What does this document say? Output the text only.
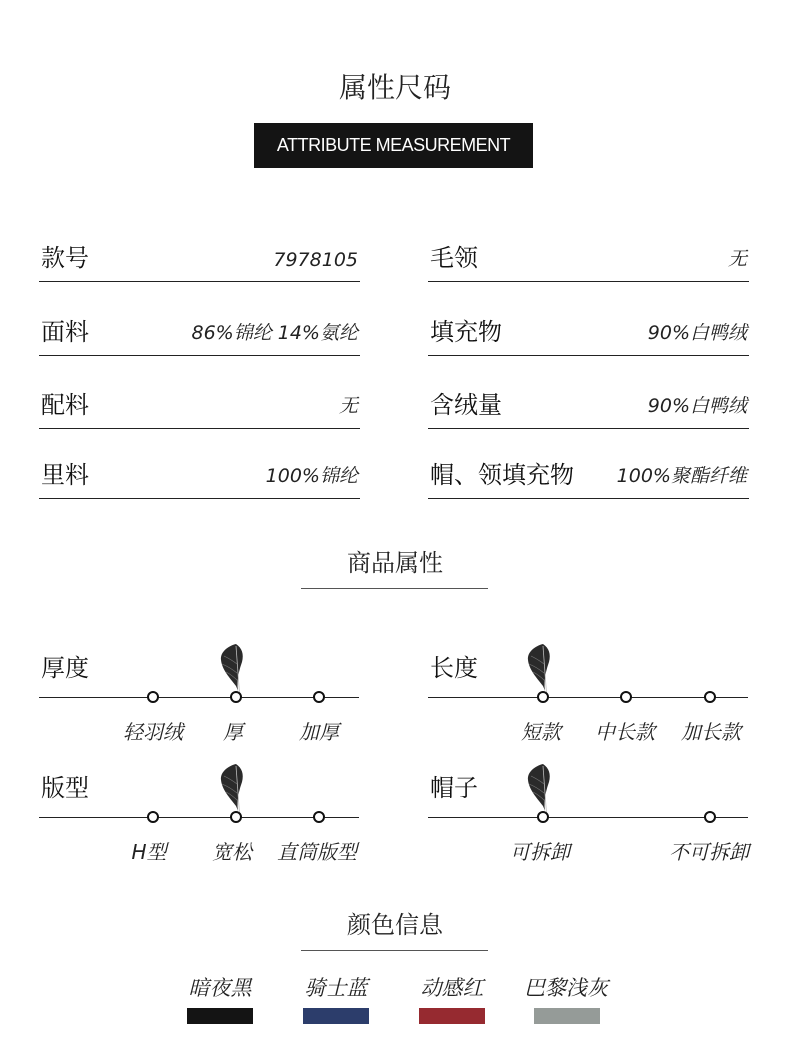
属性尺码
ATTRIBUTE MEASUREMENT
款号	7978105
面料	86%锦纶 14%氨纶
配料	无
里料	100%锦纶
毛领	无
填充物	90%白鸭绒
含绒量	90%白鸭绒
帽、领填充物 100%聚酯纤维
商品属性
厚度
轻羽绒 厚	加厚
长度
短款 中长款 加长款
版型
H型 宽松 直筒版型
帽子
可拆卸	不可拆卸
颜色信息
暗夜黑	骑士蓝	动感红 巴黎浅灰
